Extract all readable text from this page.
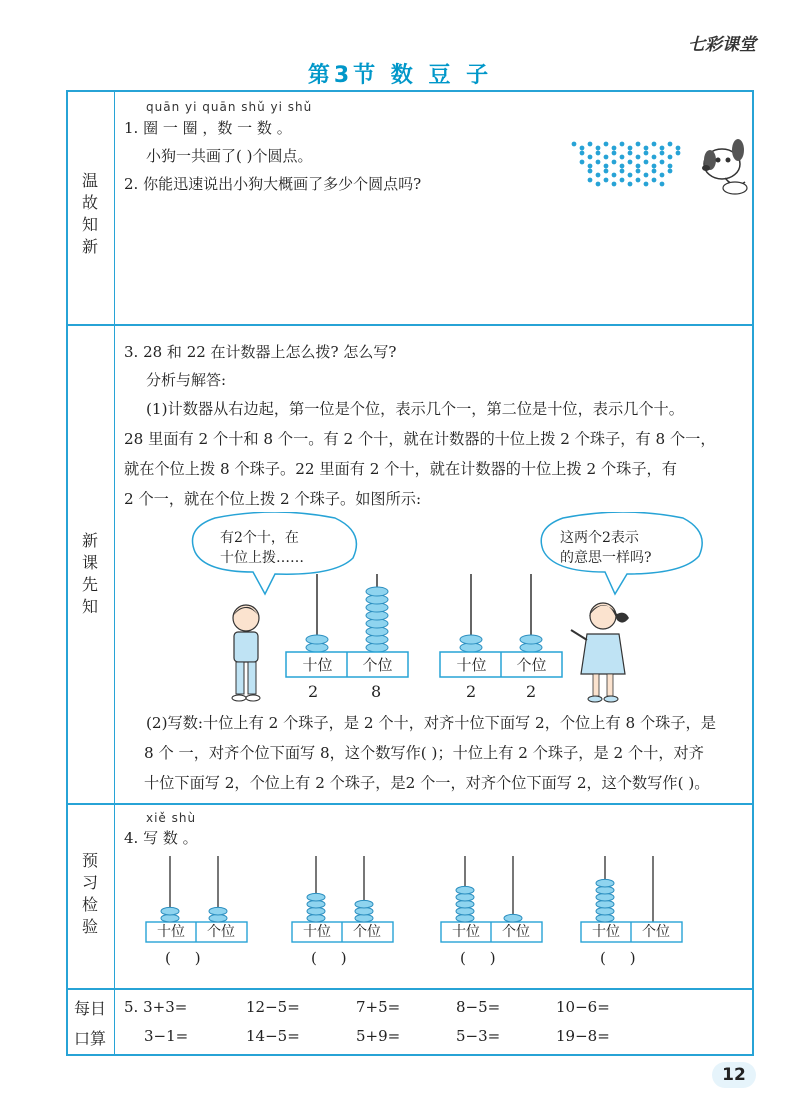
七彩课堂
第3节 数 豆 子
温
故
知
新
新
课
先
知
预
习
检
验
每日
口算
quān yi quān shǔ yi shǔ
1. 圈 一 圈 ，数 一 数 。
小狗一共画了( )个圆点。
2. 你能迅速说出小狗大概画了多少个圆点吗?
3. 28 和 22 在计数器上怎么拨? 怎么写?
分析与解答:
(1)计数器从右边起，第一位是个位，表示几个一，第二位是十位，表示几个十。
28 里面有 2 个十和 8 个一。有 2 个十，就在计数器的十位上拨 2 个珠子，有 8 个一，
就在个位上拨 8 个珠子。22 里面有 2 个十，就在计数器的十位上拨 2 个珠子，有
2 个一，就在个位上拨 2 个珠子。如图所示:
有2个十，在
十位上拨……
这两个2表示
的意思一样吗?
十位	个位
2	8
十位	个位
2	2
(2)写数:十位上有 2 个珠子，是 2 个十，对齐十位下面写 2，个位上有 8 个珠子，是
8 个 一，对齐个位下面写 8，这个数写作( )；十位上有 2 个珠子，是 2 个十，对齐
十位下面写 2，个位上有 2 个珠子，是2 个一，对齐个位下面写 2，这个数写作( )。
xiě shù
4. 写 数 。
十位	个位
(     )
十位	个位
(     )
十位	个位
(     )
十位	个位
(     )
5. 3+3=	12−5=	7+5=	8−5=	10−6=
3−1=	14−5=	5+9=	5−3=	19−8=
12
